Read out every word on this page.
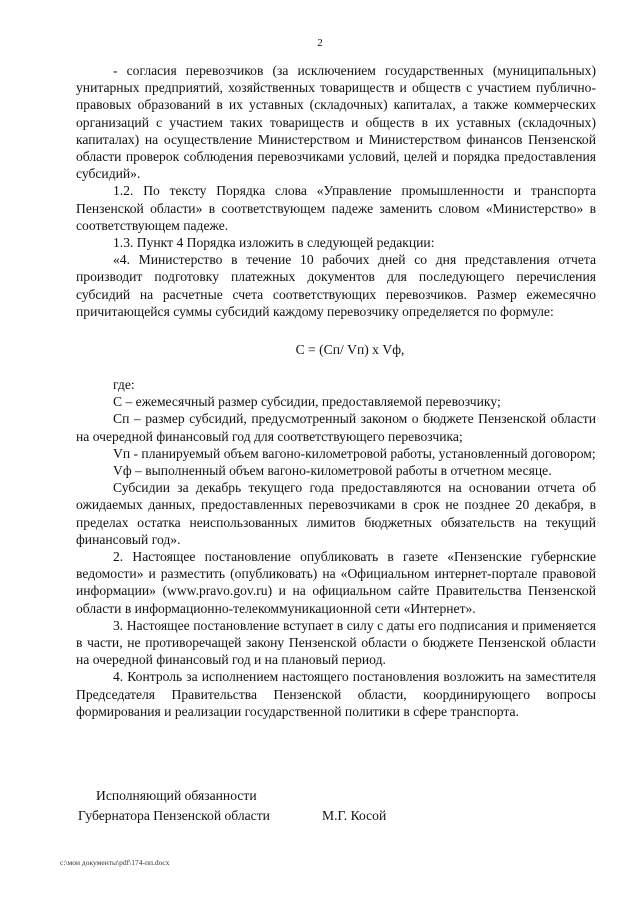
2

- согласия перевозчиков (за исключением государственных (муниципальных) унитарных предприятий, хозяйственных товариществ и обществ с участием публично-правовых образований в их уставных (складочных) капиталах, а также коммерческих организаций с участием таких товариществ и обществ в их уставных (складочных) капиталах) на осуществление Министерством и Министерством финансов Пензенской области проверок соблюдения перевозчиками условий, целей и порядка предоставления субсидий».

1.2. По тексту Порядка слова «Управление промышленности и транспорта Пензенской области» в соответствующем падеже заменить словом «Министерство» в соответствующем падеже.

1.3. Пункт 4 Порядка изложить в следующей редакции:

«4. Министерство в течение 10 рабочих дней со дня представления отчета производит подготовку платежных документов для последующего перечисления субсидий на расчетные счета соответствующих перевозчиков. Размер ежемесячно причитающейся суммы субсидий каждому перевозчику определяется по формуле:

С = (Сп/ Vп) х Vф,

где:

С – ежемесячный размер субсидии, предоставляемой перевозчику;

Сп – размер субсидий, предусмотренный законом о бюджете Пензенской области на очередной финансовый год для соответствующего перевозчика;

Vп - планируемый объем вагоно-километровой работы, установленный договором;

Vф – выполненный объем вагоно-километровой работы в отчетном месяце.

Субсидии за декабрь текущего года предоставляются на основании отчета об ожидаемых данных, предоставленных перевозчиками в срок не позднее 20 декабря, в пределах остатка неиспользованных лимитов бюджетных обязательств на текущий финансовый год».

2. Настоящее постановление опубликовать в газете «Пензенские губернские ведомости» и разместить (опубликовать) на «Официальном интернет-портале правовой информации» (www.pravo.gov.ru) и на официальном сайте Правительства Пензенской области в информационно-телекоммуникационной сети «Интернет».

3. Настоящее постановление вступает в силу с даты его подписания и применяется в части, не противоречащей закону Пензенской области о бюджете Пензенской области на очередной финансовый год и на плановый период.

4. Контроль за исполнением настоящего постановления возложить на заместителя Председателя Правительства Пензенской области, координирующего вопросы формирования и реализации государственной политики в сфере транспорта.

Исполняющий обязанности
Губернатора Пензенской области	М.Г. Косой
c:\мои документы\pdf\174-пп.docx
